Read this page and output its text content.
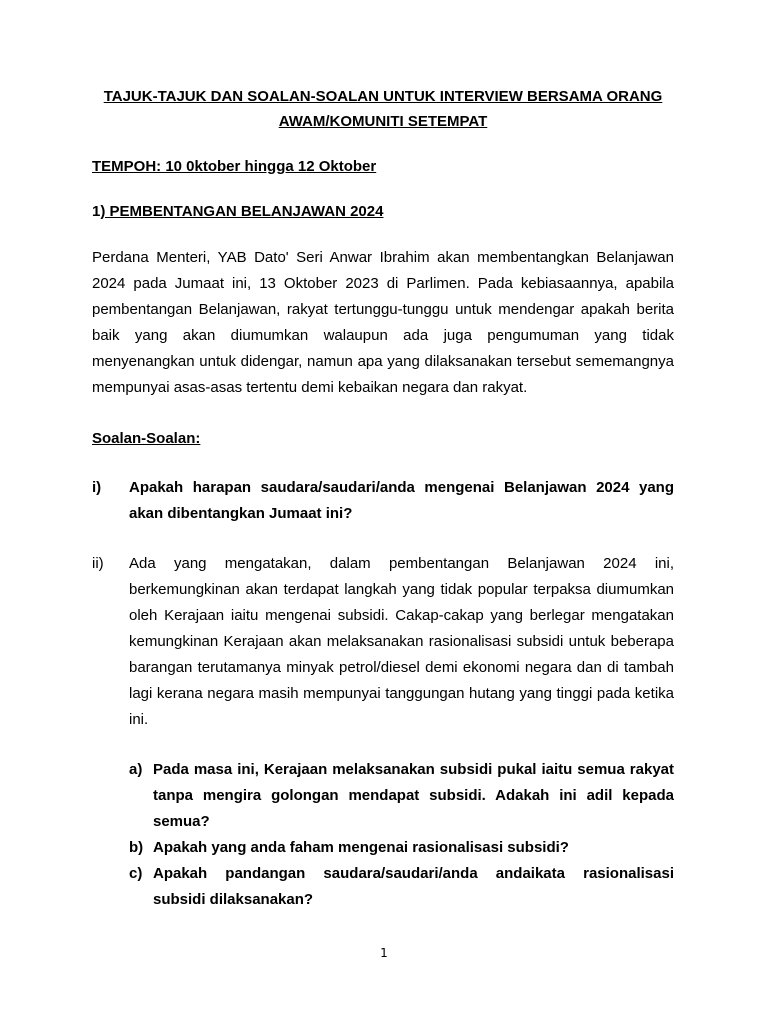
TAJUK-TAJUK DAN SOALAN-SOALAN UNTUK INTERVIEW BERSAMA ORANG
AWAM/KOMUNITI SETEMPAT

TEMPOH: 10 0ktober hingga 12 Oktober

1) PEMBENTANGAN BELANJAWAN 2024

Perdana Menteri, YAB Dato' Seri Anwar Ibrahim akan membentangkan Belanjawan 2024 pada Jumaat ini, 13 Oktober 2023 di Parlimen. Pada kebiasaannya, apabila pembentangan Belanjawan, rakyat tertunggu-tunggu untuk mendengar apakah berita baik yang akan diumumkan walaupun ada juga pengumuman yang tidak menyenangkan untuk didengar, namun apa yang dilaksanakan tersebut sememangnya mempunyai asas-asas tertentu demi kebaikan negara dan rakyat.

Soalan-Soalan:

i)	Apakah harapan saudara/saudari/anda mengenai Belanjawan 2024 yang akan dibentangkan Jumaat ini?
ii)	Ada yang mengatakan, dalam pembentangan Belanjawan 2024 ini, berkemungkinan akan terdapat langkah yang tidak popular terpaksa diumumkan oleh Kerajaan iaitu mengenai subsidi. Cakap-cakap yang berlegar mengatakan kemungkinan Kerajaan akan melaksanakan rasionalisasi subsidi untuk beberapa barangan terutamanya minyak petrol/diesel demi ekonomi negara dan di tambah lagi kerana negara masih mempunyai tanggungan hutang yang tinggi pada ketika ini.
a) Pada masa ini, Kerajaan melaksanakan subsidi pukal iaitu semua rakyat tanpa mengira golongan mendapat subsidi. Adakah ini adil kepada semua?
b) Apakah yang anda faham mengenai rasionalisasi subsidi?
c) Apakah pandangan saudara/saudari/anda andaikata rasionalisasi subsidi dilaksanakan?
1
